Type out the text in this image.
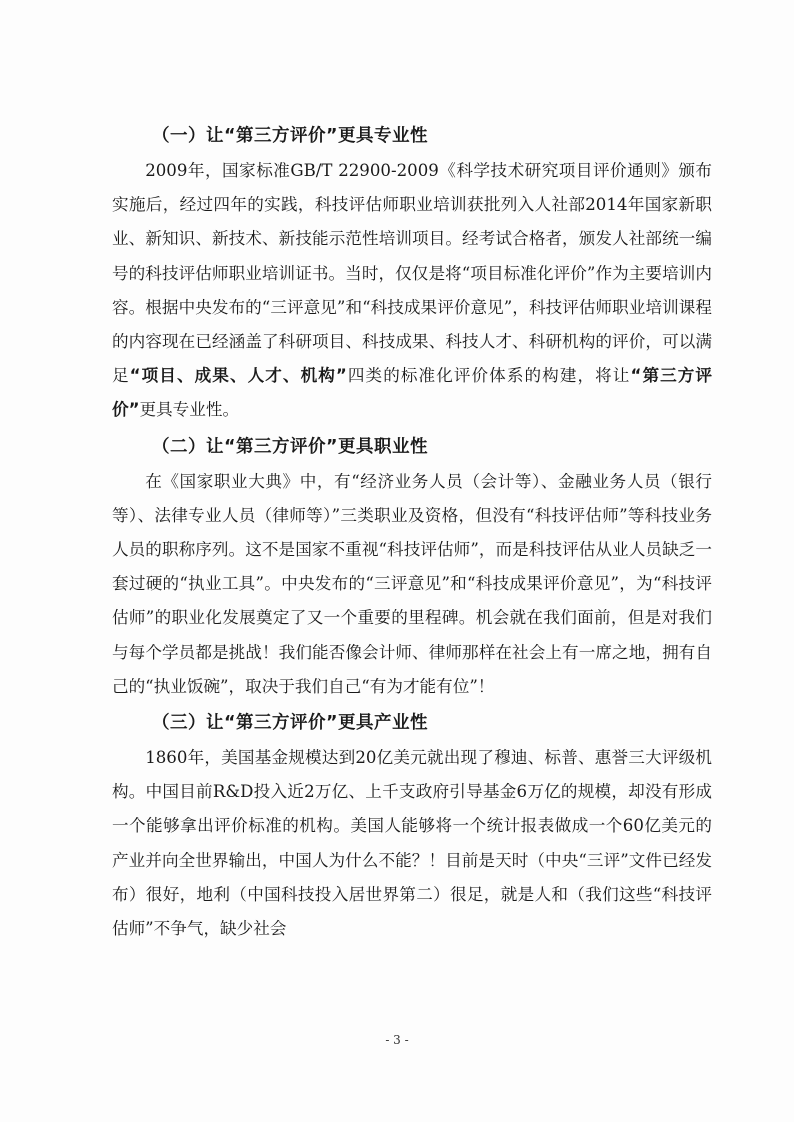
（一）让“第三方评价”更具专业性

2009年，国家标准GB/T 22900-2009《科学技术研究项目评价通则》颁布实施后，经过四年的实践，科技评估师职业培训获批列入人社部2014年国家新职业、新知识、新技术、新技能示范性培训项目。经考试合格者，颁发人社部统一编号的科技评估师职业培训证书。当时，仅仅是将“项目标准化评价”作为主要培训内容。根据中央发布的“三评意见”和“科技成果评价意见”，科技评估师职业培训课程的内容现在已经涵盖了科研项目、科技成果、科技人才、科研机构的评价，可以满足“项目、成果、人才、机构”四类的标准化评价体系的构建，将让“第三方评价”更具专业性。

（二）让“第三方评价”更具职业性

在《国家职业大典》中，有“经济业务人员（会计等）、金融业务人员（银行等）、法律专业人员（律师等）”三类职业及资格，但没有“科技评估师”等科技业务人员的职称序列。这不是国家不重视“科技评估师”，而是科技评估从业人员缺乏一套过硬的“执业工具”。中央发布的“三评意见”和“科技成果评价意见”，为“科技评估师”的职业化发展奠定了又一个重要的里程碑。机会就在我们面前，但是对我们与每个学员都是挑战！我们能否像会计师、律师那样在社会上有一席之地，拥有自己的“执业饭碗”，取决于我们自己“有为才能有位”！

（三）让“第三方评价”更具产业性

1860年，美国基金规模达到20亿美元就出现了穆迪、标普、惠誉三大评级机构。中国目前R&D投入近2万亿、上千支政府引导基金6万亿的规模，却没有形成一个能够拿出评价标准的机构。美国人能够将一个统计报表做成一个60亿美元的产业并向全世界输出，中国人为什么不能？！目前是天时（中央“三评”文件已经发布）很好，地利（中国科技投入居世界第二）很足，就是人和（我们这些“科技评估师”不争气，缺少社会

- 3 -
